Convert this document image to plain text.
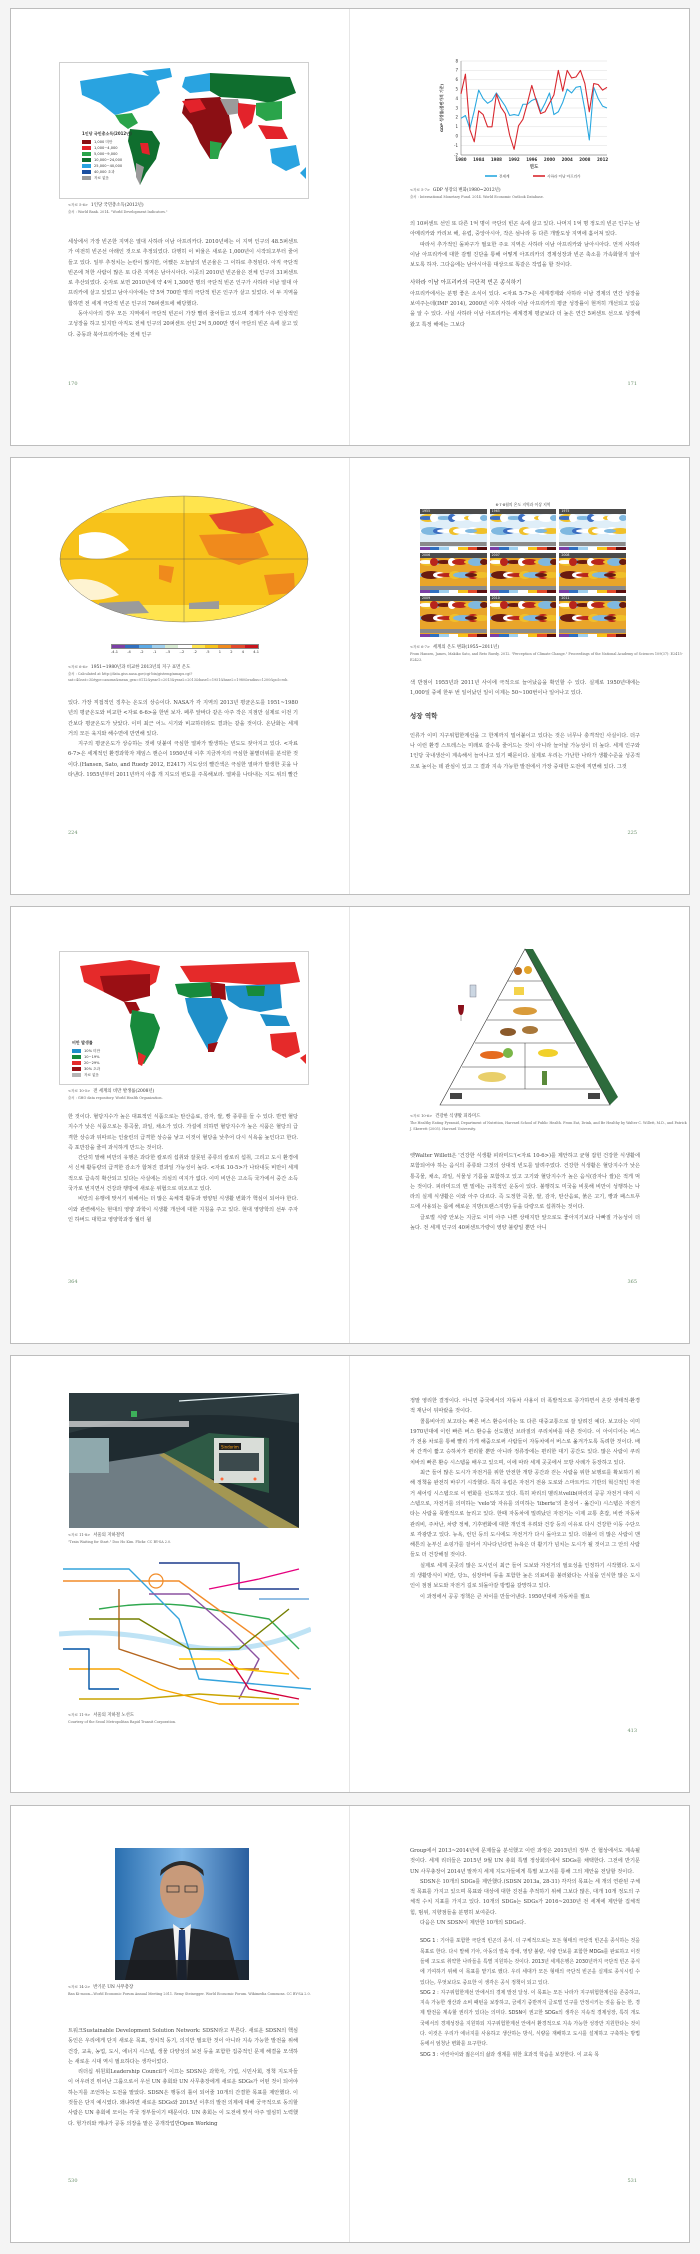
1인당 국민총소득(2012년)
1,000 미만
1,000~4,000
5,000~9,000
10,000~24,000
25,000~40,000
40,000 초과
자료 없음
<자료 5-6> 1인당 국민총소득(2012년)
출처 : World Bank. 2014. "World Development Indicators."

세상에서 가장 빈곤한 지역은 열대 사하라 이남 아프리카다. 2010년에는 이 지역 인구의 48.5퍼센트가 여전히 빈곤선 아래인 것으로 추정되었다. 다행히 이 비율은 새로운 1,000년이 시작되고부터 줄어들고 있다. 일부 추정치는 논란이 많지만, 어쨌든 오늘날의 빈곤율은 그 이하로 추정된다. 아직 극단적 빈곤에 처한 사람이 많은 또 다른 지역은 남아시아다. 이곳의 2010년 빈곤율은 전체 인구의 31퍼센트로 추산되었다. 숫자로 보면 2010년에 약 4억 1,300만 명의 극단적 빈곤 인구가 사하라 이남 열대 아프리카에 살고 있었고 남아시아에는 약 5억 700만 명의 극단적 빈곤 인구가 살고 있었다. 이 두 지역을 합하면 전 세계 극단적 빈곤 인구의 76퍼센트에 해당했다.

동아시아의 경우 모든 지역에서 극단적 빈곤이 가장 빨리 줄어들고 있으며 경제가 아주 인상적인 고성장을 하고 있지만 아직도 전체 인구의 20퍼센트 선인 2억 5,000만 명이 극단의 빈곤 속에 살고 있다. 중동과 북아프리카에는 전체 인구

170
-2
-1
0
1
2
3
4
5
6
7
8
1980 1984 1988 1992 1996 2000 2004 2008 2012
연도
GDP 성장률(불변가격 기준)
전세계	사하라 이남 아프리카
<자료 5-7> GDP 성장의 변화(1980~2012년)
출처 : International Monetary Fund. 2014. World Economic Outlook Database.

의 10퍼센트 선인 또 다른 1억 명이 극단의 빈곤 속에 살고 있다. 나머지 1억 명 정도의 빈곤 인구는 남아메리카와 카리브 해, 유럽, 중앙아시아, 작은 섬나라 등 다른 개발도상 지역에 흩어져 있다.

따라서 추가적인 돌파구가 필요한 주요 지역은 사하라 이남 아프리카와 남아시아다. 먼저 사하라 이남 아프리카에 대한 감별 진단을 통해 어떻게 아프리카의 경제성장과 빈곤 축소를 가속화할지 알아보도록 하자. 그다음에는 남아시아를 대상으로 똑같은 작업을 할 것이다.

사하라 이남 아프리카의 극단적 빈곤 종식하기

아프리카에서는 분명 좋은 소식이 있다. <자료 5-7>은 세계경제와 사하라 이남 경제의 연간 성장을 보여주는데(IMF 2014), 2000년 이후 사하라 이남 아프리카의 평균 성장률이 현저히 개선되고 있음을 알 수 있다. 사실 사하라 이남 아프리카는 세계경제 평균보다 더 높은 연간 5퍼센트 선으로 성장해왔고 특정 해에는 그보다

171
-4.1	-4	-2	-1	-.5	-.2	.2	.5	1	2	4	4.1
<자료 6-6> 1951~1980년과 비교한 2013년의 지구 표면 온도
출처 : Calculated at http://data.giss.nasa.gov/cgi-bin/gistemp/nmaps.cgi?sat=4&sst=3&type=anoms&mean_gen=0112&year1=2013&year2=2013&base1=1951&base2=1980&radius=1200&pol=rob.

있다. 가장 직접적인 징후는 온도의 상승이다. NASA가 각 지역의 2013년 평균온도를 1951~1980년의 평균온도와 비교한 <자료 6-6>을 한번 보자. 페루 앞바다 같은 아주 작은 지점만 실제로 이전 기간보다 평균온도가 낮았다. 이미 최근 어느 시기와 비교하더라도 결과는 같을 것이다. 온난화는 세계 거의 모든 육지와 해수면에 만연해 있다.

지구의 평균온도가 상승하는 것에 덧붙여 극심한 열파가 발생하는 빈도도 잦아지고 있다. <자료 6-7>은 세계적인 환경과학자 제임스 핸슨이 1950년대 이후 지금까지의 극심한 불볕더위를 분석한 것이다.(Hansen, Sato, and Ruedy 2012, E2417) 지도상의 빨간색은 극심한 열파가 발생한 곳을 나타낸다. 1955년부터 2011년까지 아홉 개 지도의 변도를 주목해보라. 열파를 나타내는 지도 위의 빨간

224
6·7·8월의 온도 지역과 이상 지역
1955	1965	1975
2006	2007	2008
2009	2010	2011
<자료 6-7> 세계의 온도 변화(1955~2011년)
From Hansen, James, Makiko Sato, and Reto Ruedy. 2012. "Perception of Climate Change." Proceedings of the National Academy of Sciences 109(37): E2415-E2423.

색 반점이 1955년과 2011년 사이에 극적으로 늘어났음을 확인할 수 있다. 실제로 1950년대에는 1,000일 중에 한두 번 일어났던 일이 이제는 50~100번이나 일어나고 있다.

성장 역학

인류가 이미 지구위험한계선을 그 한계까지 밀어붙이고 있다는 것은 너무나 충격적인 사실이다. 더구나 이런 환경 스트레스는 미래로 갈수록 줄어드는 것이 아니라 늘어날 가능성이 더 높다. 세계 인구와 1인당 국내생산이 계속해서 늘어나고 있기 때문이다. 실제로 우리는 가난한 나라가 생활수준을 성공적으로 높이는 데 관심이 있고 그 결과 지속 가능한 발전에서 가장 중대한 도전에 직면해 있다. 그것

225
비만 발생률
10% 미만
10~19%
20~29%
30% 초과
자료 없음
<자료 10-5> 전 세계의 비만 발생률(2008년)
출처 : GHO data repository. World Health Organization.

한 것이다. 혈당지수가 높은 대표적인 식품으로는 탄산음료, 감자, 쌀, 빵 종류를 들 수 있다. 반면 혈당지수가 낮은 식품으로는 통곡물, 과일, 채소가 있다. 가설에 의하면 혈당지수가 높은 식품은 혈당의 급격한 상승과 뒤따르는 인슐린의 급격한 상승을 낳고 이것이 혈당을 낮추어 다시 식욕을 높인다고 한다. 즉 포만감을 줄여 과식하게 만드는 것이다.

간단히 말해 비만의 유행은 과다한 칼로리 섭취와 잘못된 종류의 칼로리 섭취, 그리고 도시 환경에서 신체 활동량의 급격한 감소가 합쳐진 결과일 가능성이 높다. <자료 10-5>가 나타내듯 비만이 세계적으로 급속히 확산되고 있다는 사실에는 의심의 여지가 없다. 이미 비만은 고소득 국가에서 중간 소득 국가로 번지면서 건강과 행방에 새로운 위협으로 떠오르고 있다.

비만의 유행에 맞서기 위해서는 더 많은 육체적 활동과 영양된 식생활 변화가 핵심이 되어야 한다. 이와 관련해서는 현대의 영양 과학이 식생활 개선에 대한 지침을 주고 있다. 현대 영양학의 선두 주자인 하버드 대학교 영양학과장 월터 윌

364
<자료 10-6> 건강한 식생활 피라미드
The Healthy Eating Pyramid, Department of Nutrition, Harvard School of Public Health. From Eat, Drink, and Be Healthy by Walter C. Willett, M.D., and Patrick J. Skerrett (2005). Harvard University.

렛Walter Willett은 '건강한 식생활 피라미드'(<자료 10-6>)를 제안하고 균형 잡힌 건강한 식생활에 포함되어야 하는 음식의 종류와 그것의 상대적 빈도를 알려주었다. 건강한 식생활은 혈당지수가 낮은 통곡물, 채소, 과일, 식물성 기름을 포함하고 있고 고기와 혈당지수가 높은 음식(감자나 쌀)은 적게 먹는 것이다. 피라미드의 맨 밑에는 규칙적인 운동이 있다. 불행히도 미국을 비롯해 비만이 성행하는 나라의 실제 식생활은 이와 아주 다르다. 즉 도정한 곡물, 쌀, 감자, 탄산음료, 붉은 고기, 빵과 패스트푸드에 사용되는 몸에 해로운 지방(트랜스지방) 등을 다량으로 섭취하는 것이다.

글로벌 식량 안보는 지금도 이미 아주 나쁜 상태지만 앞으로도 좋아지기보다 나빠질 가능성이 더 높다. 전 세계 인구의 40퍼센트가량이 영양 불량일 뿐만 아니

365
Sindorim
<자료 11-8> 서울의 지하철역
"Train Waiting for Start." Doo Ho Kim. Flickr. CC BY-SA 2.0.
<자료 11-9> 서울의 지하철 노선도
Courtesy of the Seoul Metropolitan Rapid Transit Corporation.

정말 영리한 결정이다. 아니면 중국에서의 자동차 사용이 더 폭발적으로 증가하면서 온갖 생태적·환경적 재난이 뒤따랐을 것이다.

콜롬비아의 보고타는 빠른 버스 환승이라는 또 다른 대중교통으로 잘 알려진 예다. 보고타는 이미 1970년대에 이런 빠른 버스 환승을 선도했던 브라질의 쿠리치바를 따른 것이다. 이 아이디어는 버스가 전용 차로를 통해 빨리 가게 해줌으로써 사람들이 자동차에서 버스로 옮겨가도록 독려한 것이다. 배차 간격이 짧고 승하차가 편리할 뿐만 아니라 정류장에는 편리한 대기 공간도 있다. 많은 사람이 쿠리치바의 빠른 환승 시스템을 배우고 있으며, 이에 따라 세계 곳곳에서 모방 사례가 등장하고 있다.

최근 들어 많은 도시가 자전거를 위한 안전한 개방 공간과 걷는 사람을 위한 보행로를 확보하기 위해 정책을 완전히 바꾸기 시작했다. 특히 유럽은 자전거 전용 도로와 스마트카드 기반의 혁신적인 자전거 셰어링 시스템으로 이 변화를 선도하고 있다. 특히 파리의 벨리브velib(파리의 공공 자전거 대여 시스템으로, 자전거를 의미하는 'velo'와 자유를 의미하는 'liberte'의 혼성어 - 옮긴이) 시스템은 자전거 타는 사람을 폭발적으로 늘리고 있다. 한때 자동차에 밀려났던 자전거는 이제 교통 혼잡, 비싼 자동차 관리비, 주차난, 차량 정체, 기후변화에 대한 개인적 우려와 건강 등의 이유로 다시 건강한 이동 수단으로 각광받고 있다. 뉴욕, 런던 등의 도시에도 자전거가 다시 돌아오고 있다. 더불어 더 많은 사람이 맨해튼의 눈부신 쇼핑가를 걸어서 지나다닌다면 뉴욕은 더 활기가 넘치는 도시가 될 것이고 그 안의 사람들도 더 건강해질 것이다.

실제로 세계 곳곳의 많은 도시인이 최근 들어 도보와 자전거의 필요성을 인정하기 시작했다. 도시의 생활방식이 비만, 당뇨, 심장마비 등을 포함한 높은 의료비를 불러왔다는 사실을 인식한 많은 도시인이 점점 보도와 자전거 길로 되돌아갈 방법을 갈망하고 있다.

이 과정에서 공공 정책은 큰 차이를 만들어낸다. 1950년대에 자동차를 필요

413
<자료 14-2> 반기문 UN 사무총장
Ban Ki-moon—World Economic Forum Annual Meeting 2011. Remy Steinegger. World Economic Forum. Wikimedia Commons. CC BY-SA 2.0.

트워크Sustainable Development Solution Network: SDSN라고 부른다. 새로운 SDSN의 핵심 동인은 우리에게 단지 새로운 목표, 정치적 동기, 의지만 필요한 것이 아니라 지속 가능한 발전을 위해 건강, 교육, 농업, 도시, 에너지 시스템, 생물 다양성의 보전 등을 포함한 집중적인 문제 해결을 모색하는 새로운 시대 역시 필요하다는 생각이었다.

리더십 위원회Leadership Council가 이끄는 SDSN은 과학자, 기업, 시민사회, 정책 지도자들이 어우러진 뛰어난 그룹으로서 우선 UN 총회와 UN 사무총장에게 새로운 SDGs가 어떤 것이 되어야 하는지를 조언하는 도전을 맡았다. SDSN은 행동의 틀이 되어줄 10개의 간결한 목표를 제안했다. 이것들은 단지 예시였다. 왜냐하면 새로운 SDGs와 2015년 이후의 발전 의제에 대해 궁극적으로 동의할 사람은 UN 총회에 모이는 각국 정부들이기 때문이다. UN 총회는 이 도전에 맞서 아주 열심히 노력했다. 헝가리와 케냐가 공동 의장을 맡은 공개작업반Open Working

530

Group에서 2013~2014년에 문제들을 분석했고 이런 과정은 2015년의 정부 간 협상에서도 계속될 것이다. 세계 리더들은 2015년 9월 UN 총회 특별 정상회의에서 SDGs를 채택한다. 그전에 반기문 UN 사무총장이 2014년 말까지 세계 지도자들에게 특별 보고서를 통해 그의 제안을 전달할 것이다.

SDSN은 10개의 SDGs를 제안했다.(SDSN 2013a, 28-31) 각각의 목표는 세 개의 연관된 구체적 목표를 가지고 있으며 목표와 대상에 대한 진전을 추적하기 위해 그보다 많은, 대개 10개 정도의 구체적 수치 지표를 가지고 있다. 10개의 SDGs는 SDGs가 2016~2030년 전 세계에 제안할 집체적 힘, 범위, 지향점들을 분명히 보여준다.

다음은 UN SDSN이 제안한 10개의 SDGs다.

SDG 1 : 기아를 포함한 극단적 빈곤의 종식. 더 구체적으로는 모든 형태의 극단적 빈곤을 종식하는 것을 목표로 한다. 다시 말해 기아, 아동의 발육 장애, 영양 불량, 식량 안보를 포함한 MDGs를 완료하고 이것들에 고도로 취약한 나라들을 특별 지원하는 것이다. 2013년 세계은행은 2030년까지 극단적 빈곤 종식에 기여하기 위해 이 목표를 맡기로 했다. 우리 세대가 모든 형태의 극단적 빈곤을 실제로 종식시킬 수 있다는, 무엇보다도 중요한 이 생각은 공식 정책이 되고 있다.

SDG 2 : 지구위험한계선 안에서의 경제 발전 달성. 이 목표는 모든 나라가 지구위험한계선을 존중하고, 지속 가능한 생산과 소비 패턴을 보장하고, 금세기 중반까지 글로벌 인구를 안정시키는 것을 돕는 한, 경제 발전을 계속할 권리가 있다는 의미다. SDSN이 권고한 SDGs의 생각은 지속적 경제성장, 특히 개도국에서의 경제성장을 지원하되 지구위험한계선 안에서 환경적으로 지속 가능한 성장만 지원한다는 것이다. 이것은 우리가 에너지를 사용하고 생산하는 방식, 식량을 재배하고 도시를 설계하고 구축하는 방법 등에서 엄청난 변화를 요구한다.

SDG 3 : 어린아이와 젊은이의 삶과 생계를 위한 효과적 학습을 보장한다. 이 교육 목

531
